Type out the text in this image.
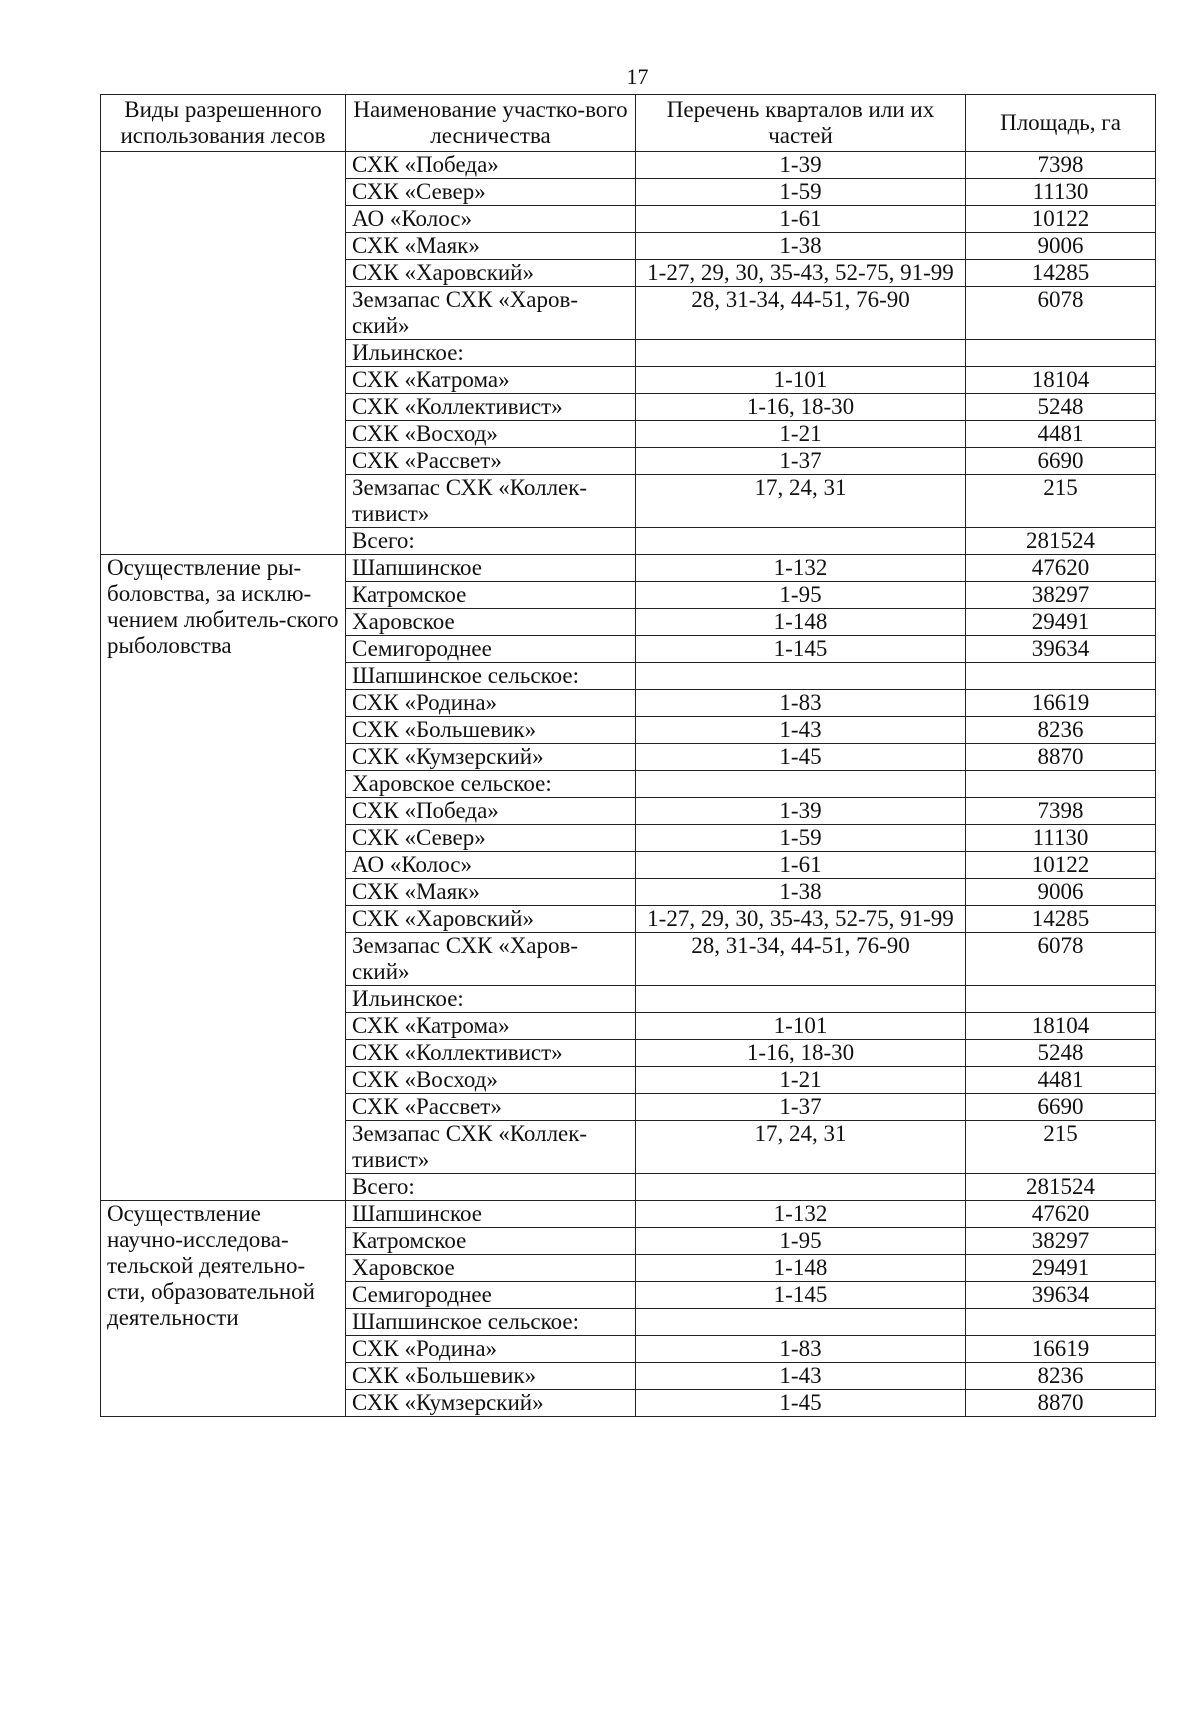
17
Виды разрешенного использования лесов	Наименование участко-вого лесничества	Перечень кварталов или их частей	Площадь, га
	СХК «Победа»	1-39	7398
	СХК «Север»	1-59	11130
	АО «Колос»	1-61	10122
	СХК «Маяк»	1-38	9006
	СХК «Харовский»	1-27, 29, 30, 35-43, 52-75, 91-99	14285
	Земзапас СХК «Харов-ский»	28, 31-34, 44-51, 76-90	6078
	Ильинское:		
	СХК «Катрома»	1-101	18104
	СХК «Коллективист»	1-16, 18-30	5248
	СХК «Восход»	1-21	4481
	СХК «Рассвет»	1-37	6690
	Земзапас СХК «Коллек-тивист»	17, 24, 31	215
	Всего:		281524
Осуществление ры-боловства, за исклю-чением любитель-ского рыболовства	Шапшинское	1-132	47620
	Катромское	1-95	38297
	Харовское	1-148	29491
	Семигороднее	1-145	39634
	Шапшинское сельское:		
	СХК «Родина»	1-83	16619
	СХК «Большевик»	1-43	8236
	СХК «Кумзерский»	1-45	8870
	Харовское сельское:		
	СХК «Победа»	1-39	7398
	СХК «Север»	1-59	11130
	АО «Колос»	1-61	10122
	СХК «Маяк»	1-38	9006
	СХК «Харовский»	1-27, 29, 30, 35-43, 52-75, 91-99	14285
	Земзапас СХК «Харов-ский»	28, 31-34, 44-51, 76-90	6078
	Ильинское:		
	СХК «Катрома»	1-101	18104
	СХК «Коллективист»	1-16, 18-30	5248
	СХК «Восход»	1-21	4481
	СХК «Рассвет»	1-37	6690
	Земзапас СХК «Коллек-тивист»	17, 24, 31	215
	Всего:		281524
Осуществление научно-исследова-тельской деятельно-сти, образовательной деятельности	Шапшинское	1-132	47620
	Катромское	1-95	38297
	Харовское	1-148	29491
	Семигороднее	1-145	39634
	Шапшинское сельское:		
	СХК «Родина»	1-83	16619
	СХК «Большевик»	1-43	8236
	СХК «Кумзерский»	1-45	8870
